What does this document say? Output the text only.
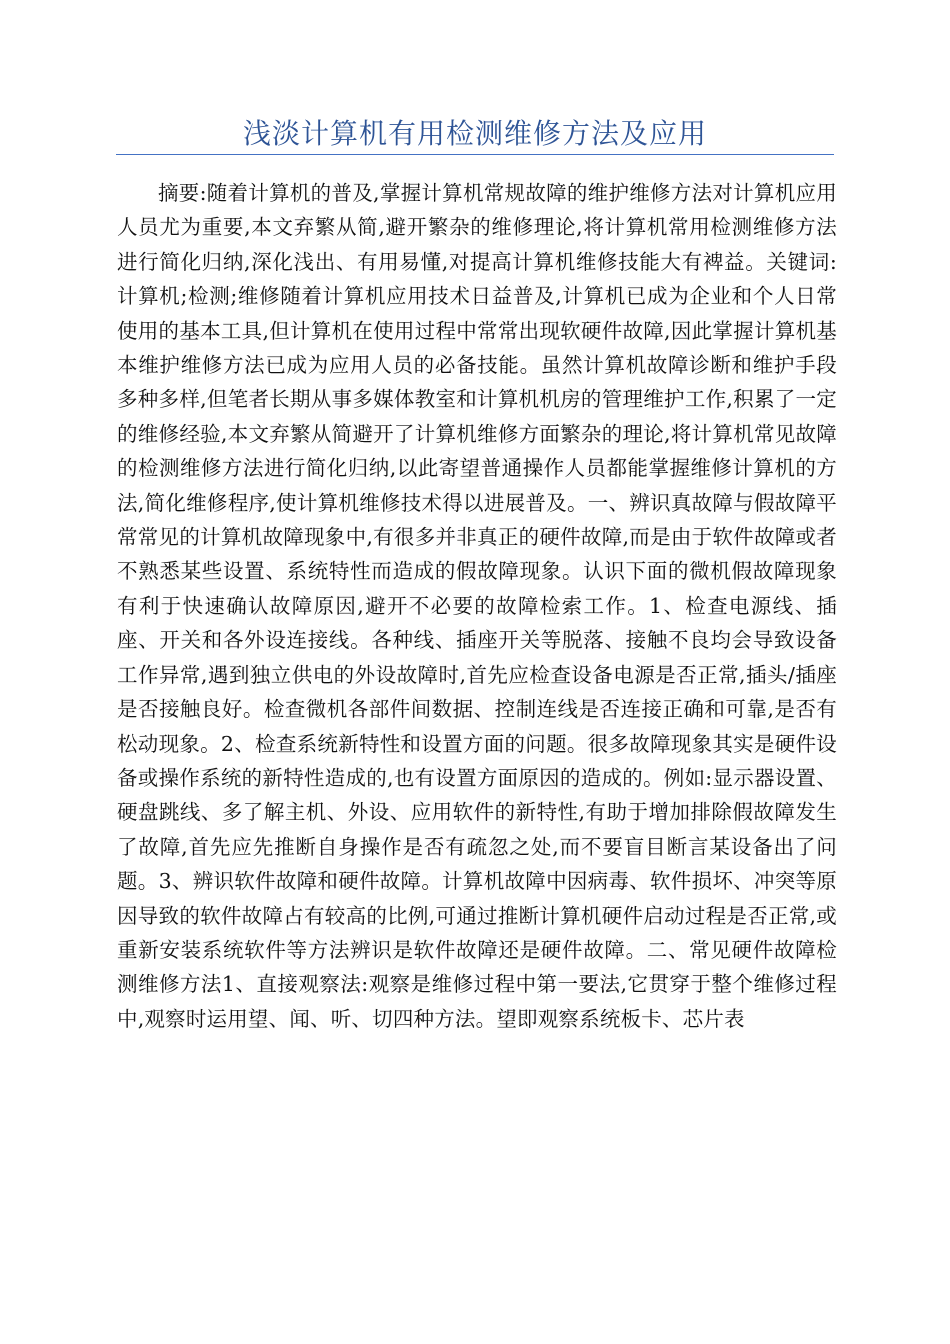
浅淡计算机有用检测维修方法及应用

摘要:随着计算机的普及,掌握计算机常规故障的维护维修方法对计算机应用人员尤为重要,本文弃繁从简,避开繁杂的维修理论,将计算机常用检测维修方法进行简化归纳,深化浅出、有用易懂,对提高计算机维修技能大有裨益。关键词:计算机;检测;维修随着计算机应用技术日益普及,计算机已成为企业和个人日常使用的基本工具,但计算机在使用过程中常常出现软硬件故障,因此掌握计算机基本维护维修方法已成为应用人员的必备技能。虽然计算机故障诊断和维护手段多种多样,但笔者长期从事多媒体教室和计算机机房的管理维护工作,积累了一定的维修经验,本文弃繁从简避开了计算机维修方面繁杂的理论,将计算机常见故障的检测维修方法进行简化归纳,以此寄望普通操作人员都能掌握维修计算机的方法,简化维修程序,使计算机维修技术得以进展普及。一、辨识真故障与假故障平常常见的计算机故障现象中,有很多并非真正的硬件故障,而是由于软件故障或者不熟悉某些设置、系统特性而造成的假故障现象。认识下面的微机假故障现象有利于快速确认故障原因,避开不必要的故障检索工作。1、检查电源线、插座、开关和各外设连接线。各种线、插座开关等脱落、接触不良均会导致设备工作异常,遇到独立供电的外设故障时,首先应检查设备电源是否正常,插头/插座是否接触良好。检查微机各部件间数据、控制连线是否连接正确和可靠,是否有松动现象。2、检查系统新特性和设置方面的问题。很多故障现象其实是硬件设备或操作系统的新特性造成的,也有设置方面原因的造成的。例如:显示器设置、硬盘跳线、多了解主机、外设、应用软件的新特性,有助于增加排除假故障发生了故障,首先应先推断自身操作是否有疏忽之处,而不要盲目断言某设备出了问题。3、辨识软件故障和硬件故障。计算机故障中因病毒、软件损坏、冲突等原因导致的软件故障占有较高的比例,可通过推断计算机硬件启动过程是否正常,或重新安装系统软件等方法辨识是软件故障还是硬件故障。二、常见硬件故障检测维修方法1、直接观察法:观察是维修过程中第一要法,它贯穿于整个维修过程中,观察时运用望、闻、听、切四种方法。望即观察系统板卡、芯片表
